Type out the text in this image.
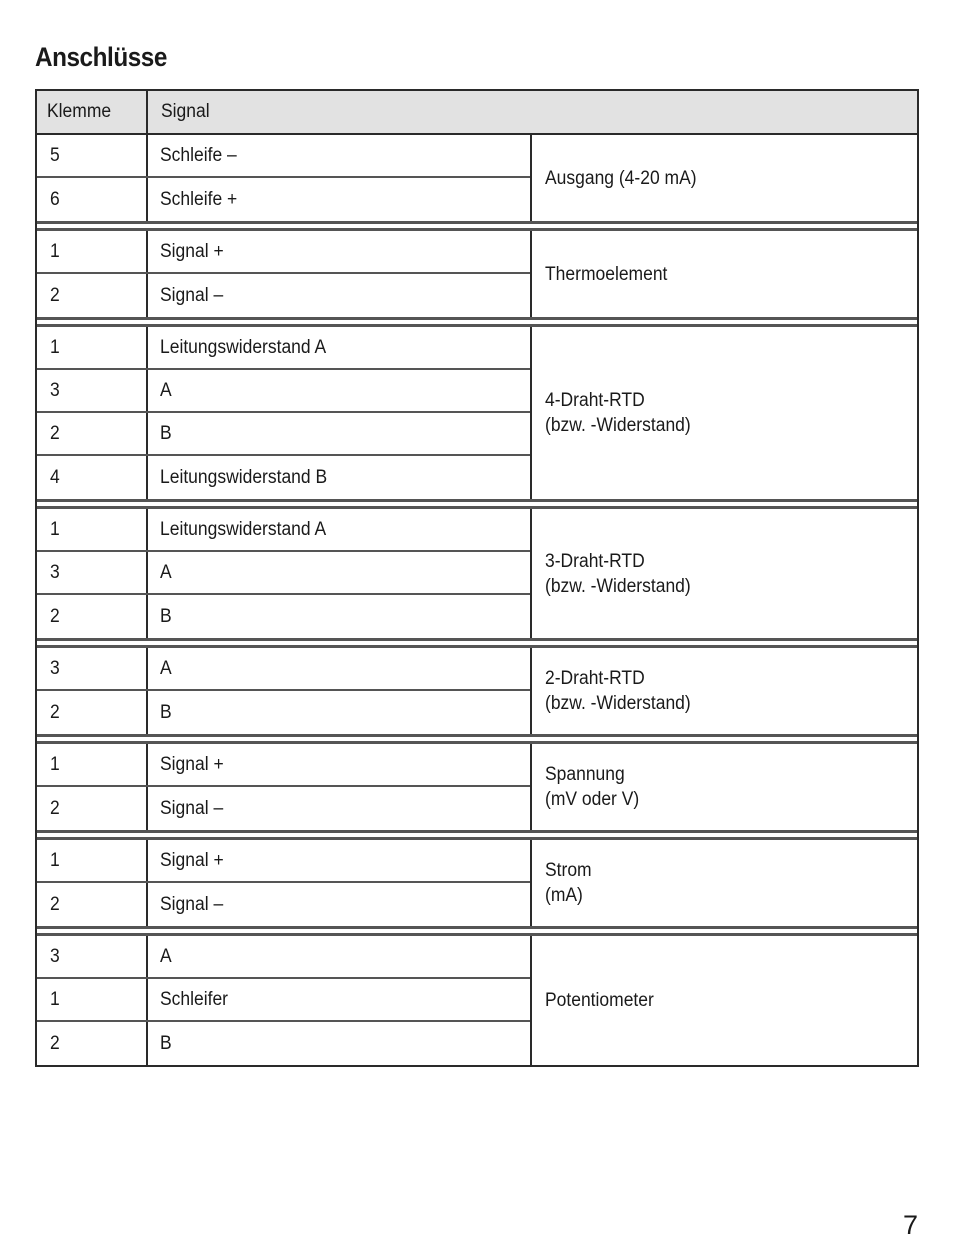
Anschlüsse
Klemme	Signal
5	Schleife –
6	Schleife +
Ausgang (4-20 mA)
1	Signal +
2	Signal –
Thermoelement
1	Leitungswiderstand A
3	A
2	B
4	Leitungswiderstand B
4-Draht-RTD
(bzw. -Widerstand)
1	Leitungswiderstand A
3	A
2	B
3-Draht-RTD
(bzw. -Widerstand)
3	A
2	B
2-Draht-RTD
(bzw. -Widerstand)
1	Signal +
2	Signal –
Spannung
(mV oder V)
1	Signal +
2	Signal –
Strom
(mA)
3	A
1	Schleifer
2	B
Potentiometer
7
